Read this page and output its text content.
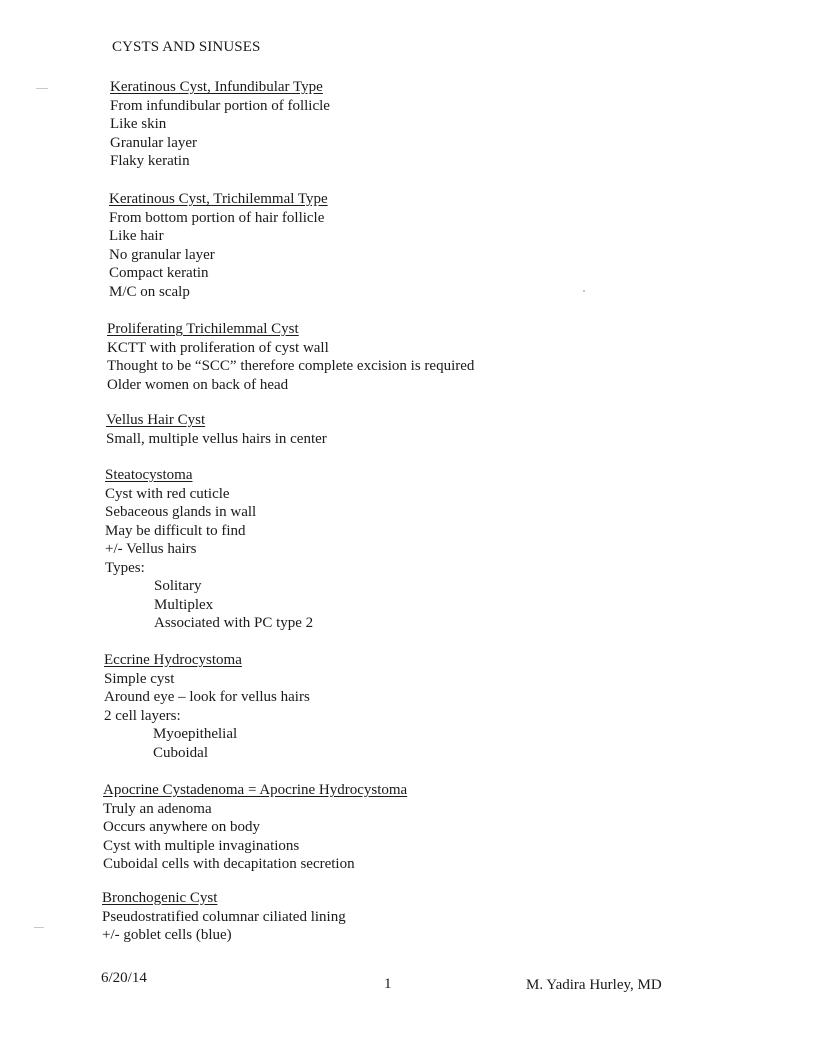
CYSTS AND SINUSES
Keratinous Cyst, Infundibular Type
From infundibular portion of follicle
Like skin
Granular layer
Flaky keratin
Keratinous Cyst, Trichilemmal Type
From bottom portion of hair follicle
Like hair
No granular layer
Compact keratin
M/C on scalp
Proliferating Trichilemmal Cyst
KCTT with proliferation of cyst wall
Thought to be “SCC” therefore complete excision is required
Older women on back of head
Vellus Hair Cyst
Small, multiple vellus hairs in center
Steatocystoma
Cyst with red cuticle
Sebaceous glands in wall
May be difficult to find
+/- Vellus hairs
Types:
Solitary
Multiplex
Associated with PC type 2
Eccrine Hydrocystoma
Simple cyst
Around eye – look for vellus hairs
2 cell layers:
Myoepithelial
Cuboidal
Apocrine Cystadenoma = Apocrine Hydrocystoma
Truly an adenoma
Occurs anywhere on body
Cyst with multiple invaginations
Cuboidal cells with decapitation secretion
Bronchogenic Cyst
Pseudostratified columnar ciliated lining
+/- goblet cells (blue)
6/20/14	1	M. Yadira Hurley, MD
